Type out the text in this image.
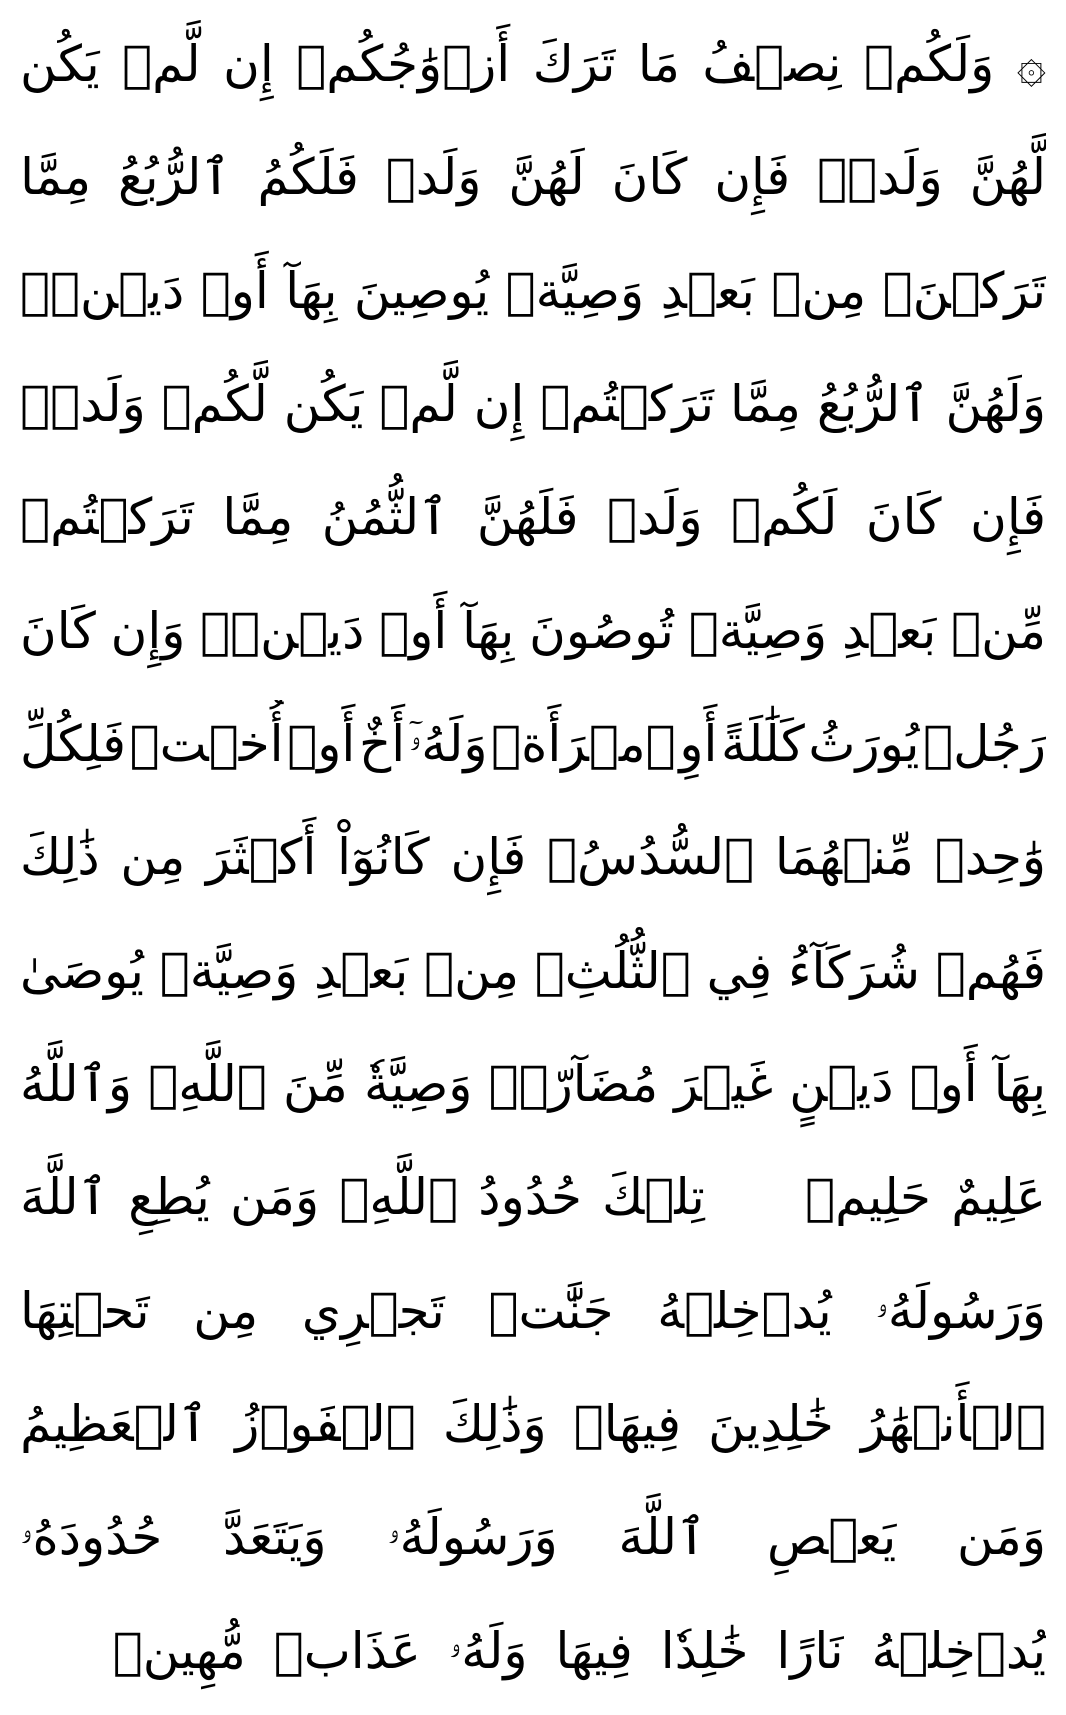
۞
وَلَكُمۡ
نِصۡفُ
مَا
تَرَكَ
أَزۡوَٰجُكُمۡ
إِن
لَّمۡ
يَكُن
لَّهُنَّ
وَلَدٞۚ
فَإِن
كَانَ
لَهُنَّ
وَلَدٞ
فَلَكُمُ
ٱلرُّبُعُ
مِمَّا
تَرَكۡنَۚ
مِنۢ
بَعۡدِ
وَصِيَّةٖ
يُوصِينَ
بِهَآ
أَوۡ
دَيۡنٖۚ
وَلَهُنَّ
ٱلرُّبُعُ
مِمَّا
تَرَكۡتُمۡ
إِن
لَّمۡ
يَكُن
لَّكُمۡ
وَلَدٞۚ
فَإِن
كَانَ
لَكُمۡ
وَلَدٞ
فَلَهُنَّ
ٱلثُّمُنُ
مِمَّا
تَرَكۡتُمۚ
مِّنۢ
بَعۡدِ
وَصِيَّةٖ
تُوصُونَ
بِهَآ
أَوۡ
دَيۡنٖۗ
وَإِن
كَانَ
رَجُلٞ
يُورَثُ
كَلَٰلَةً
أَوِ
ٱمۡرَأَةٞ
وَلَهُۥٓ
أَخٌ
أَوۡ
أُخۡتٞ
فَلِكُلِّ
وَٰحِدٖ
مِّنۡهُمَا
ٱلسُّدُسُۚ
فَإِن
كَانُوٓاْ
أَكۡثَرَ
مِن
ذَٰلِكَ
فَهُمۡ
شُرَكَآءُ
فِي
ٱلثُّلُثِۚ
مِنۢ
بَعۡدِ
وَصِيَّةٖ
يُوصَىٰ
بِهَآ
أَوۡ
دَيۡنٍ
غَيۡرَ
مُضَآرّٖۚ
وَصِيَّةٗ
مِّنَ
ٱللَّهِۗ
وَٱللَّهُ
عَلِيمٌ
حَلِيمٞ
تِلۡكَ
حُدُودُ
ٱللَّهِۚ
وَمَن
يُطِعِ
ٱللَّهَ
وَرَسُولَهُۥ
يُدۡخِلۡهُ
جَنَّٰتٖ
تَجۡرِي
مِن
تَحۡتِهَا
ٱلۡأَنۡهَٰرُ
خَٰلِدِينَ
فِيهَاۚ
وَذَٰلِكَ
ٱلۡفَوۡزُ
ٱلۡعَظِيمُ
وَمَن
يَعۡصِ
ٱللَّهَ
وَرَسُولَهُۥ
وَيَتَعَدَّ
حُدُودَهُۥ
يُدۡخِلۡهُ
نَارًا
خَٰلِدٗا
فِيهَا
وَلَهُۥ
عَذَابٞ
مُّهِينٞ
